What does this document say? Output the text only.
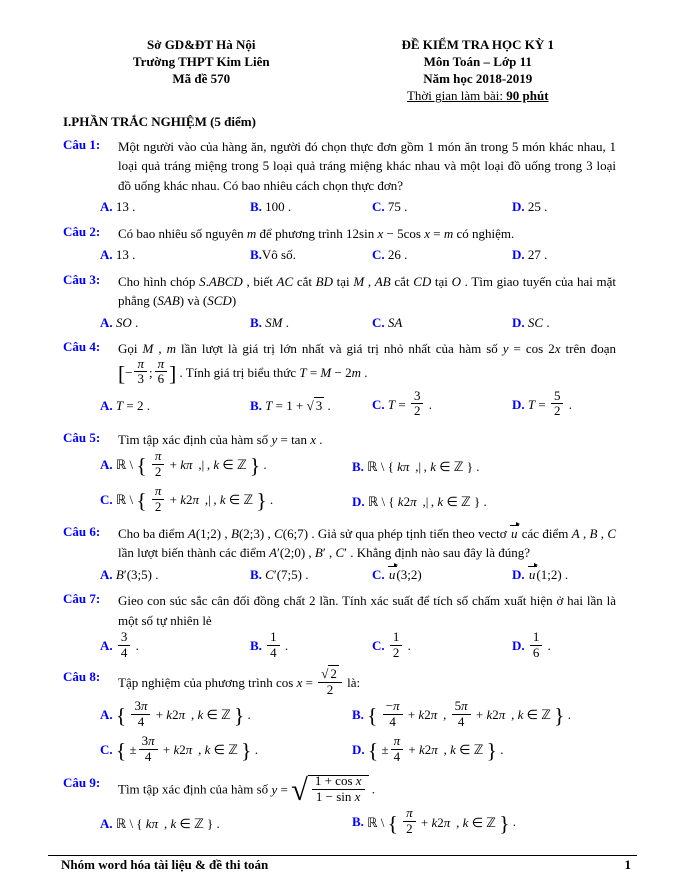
Sở GD&ĐT Hà Nội
Trường THPT Kim Liên
Mã đề 570
ĐỀ KIỂM TRA HỌC KỲ 1
Môn Toán – Lớp 11
Năm học 2018-2019
Thời gian làm bài: 90 phút
I.PHẦN TRẮC NGHIỆM (5 điểm)
Câu 1: Một người vào của hàng ăn, người đó chọn thực đơn gồm 1 món ăn trong 5 món khác nhau, 1 loại quả tráng miệng trong 5 loại quả tráng miệng khác nhau và một loại đồ uống trong 3 loại đồ uống khác nhau. Có bao nhiêu cách chọn thực đơn?
A. 13 .	B. 100 .	C. 75 .	D. 25 .
Câu 2: Có bao nhiêu số nguyên m để phương trình 12sin x − 5cos x = m có nghiệm.
A. 13 .	B.Vô số.	C. 26 .	D. 27 .
Câu 3: Cho hình chóp S.ABCD , biết AC cắt BD tại M , AB cắt CD tại O . Tìm giao tuyến của hai mặt phẳng (SAB) và (SCD)
A. SO .	B. SM .	C. SA	D. SC .
Câu 4: Gọi M , m lần lượt là giá trị lớn nhất và giá trị nhỏ nhất của hàm số y = cos 2x trên đoạn [− $\frac{\pi}{3}$ ; $\frac{\pi}{6}$ ] . Tính giá trị biểu thức T = M − 2m .
A. T = 2 .	B. T = 1 + √ 3 .	C. $T = \frac{3}{2}$ .	D. $T = \frac{5}{2}$ .
Câu 5: Tìm tập xác định của hàm số y = tan x .
A. ℝ \ { $\frac{\pi}{2} + k\pi$  ,| , k ∈ ℤ } .	B. ℝ \ { kπ  ,| , k ∈ ℤ } .
C. ℝ \ { $\frac{\pi}{2} + k2\pi$  ,| , k ∈ ℤ } .	D. ℝ \ { k2π  ,| , k ∈ ℤ } .
Câu 6: Cho ba điểm A(1;2) , B(2;3) , C(6;7) . Giả sử qua phép tịnh tiến theo vectơ u các điểm A , B , C lần lượt biến thành các điểm A′(2;0) , B′ , C′ . Khẳng định nào sau đây là đúng?
A. B′(3;5) .	B. C′(7;5) .	C. u(3;2)	D. u(1;2) .
Câu 7: Gieo con súc sắc cân đối đồng chất 2 lần. Tính xác suất để tích số chấm xuất hiện ở hai lần là một số tự nhiên lẻ
A. $\frac{3}{4}$ .	B. $\frac{1}{4}$ .	C. $\frac{1}{2}$ .	D. $\frac{1}{6}$ .
Câu 8: Tập nghiệm của phương trình $\cos x = \frac{√ 2}{2}$ là:
A. { $\frac{3\pi}{4} + k2\pi$  , k ∈ ℤ } .	B. { $\frac{-\pi}{4} + k2\pi$  , $\frac{5\pi}{4} + k2\pi$  , k ∈ ℤ } .
C. { ± $\frac{3\pi}{4} + k2\pi$  , k ∈ ℤ } .	D. { ± $\frac{\pi}{4} + k2\pi$  , k ∈ ℤ } .
Câu 9: Tìm tập xác định của hàm số y = √ $\frac{\text{1 + cos x}}{\text{1 − sin x}}$ .
A. ℝ \ { kπ  , k ∈ ℤ } .	B. ℝ \ { $\frac{\pi}{2} + k2\pi$  , k ∈ ℤ } .
Nhóm word hóa tài liệu & đề thi toán	1
